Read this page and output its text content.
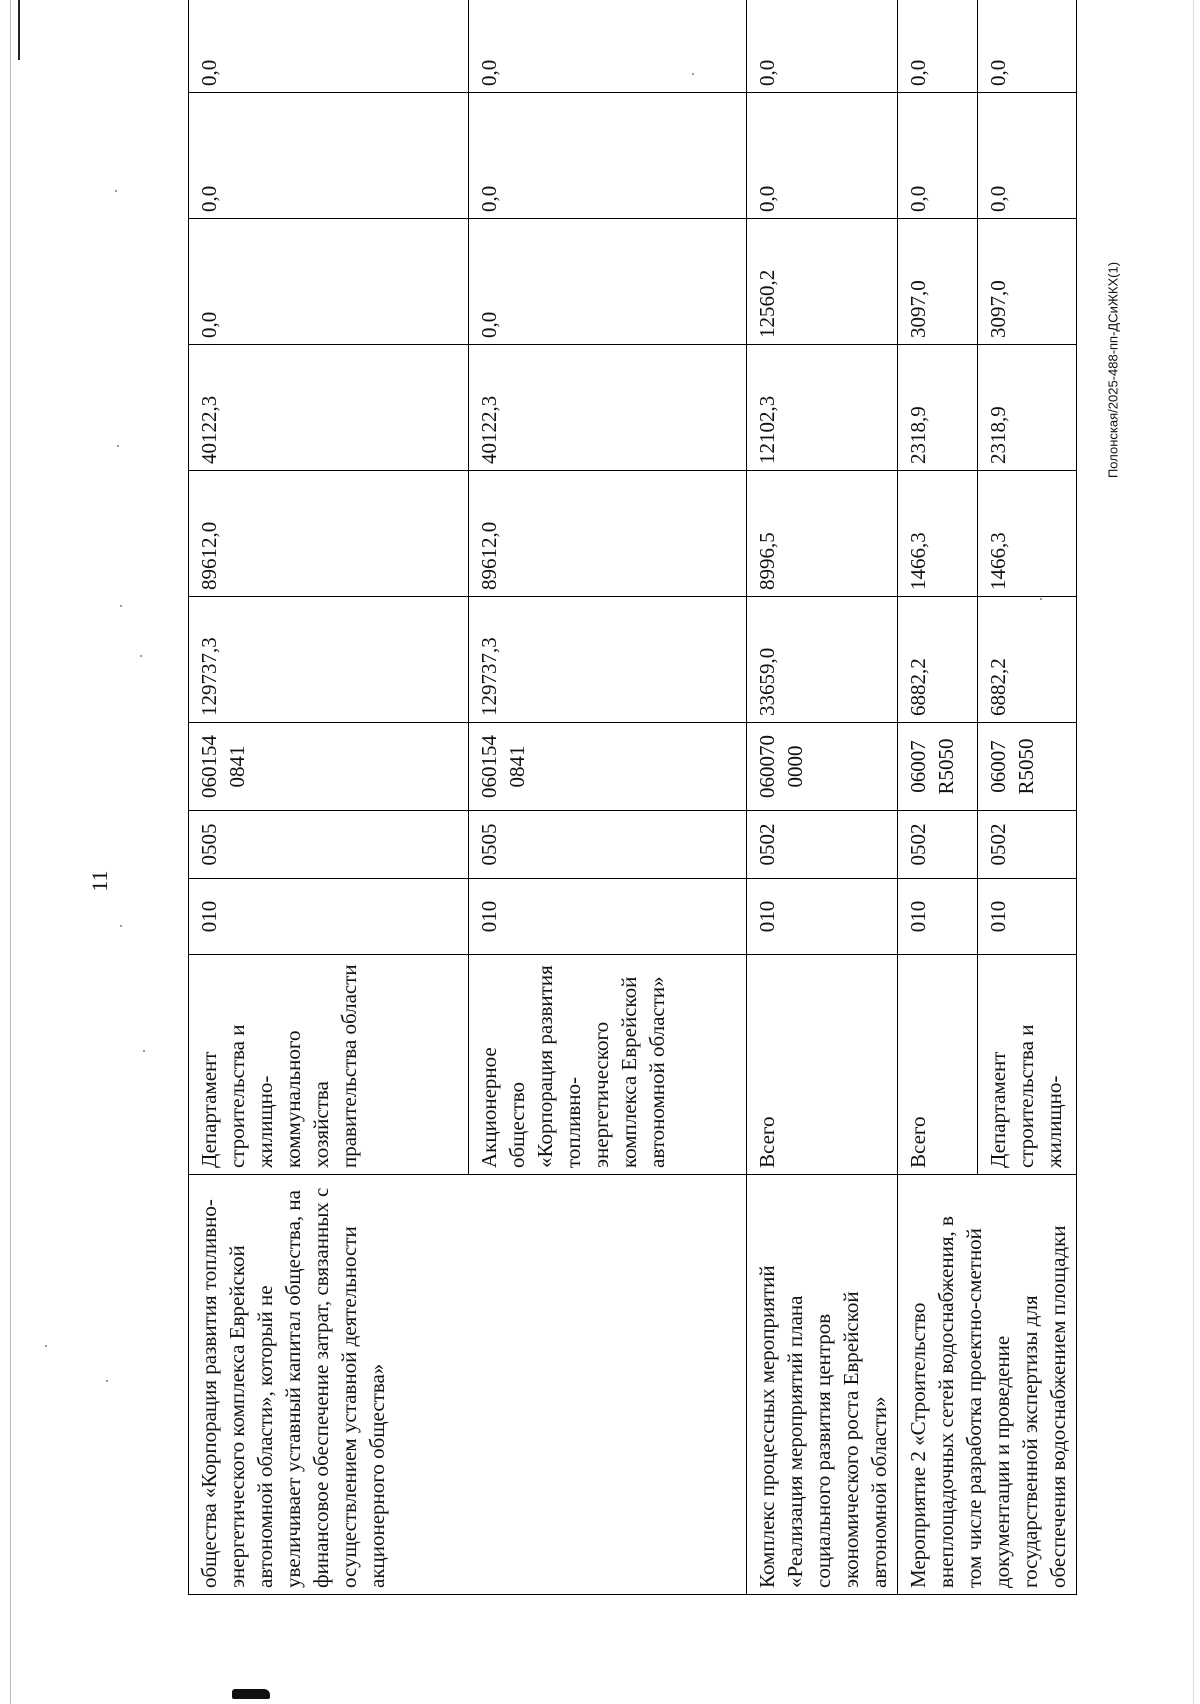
11
Полонская/2025-488-пп-ДСиЖКХ(1)
общества «Корпорация развития топливно-энергетического комплекса Еврейской автономной области», который не увеличивает уставный капитал общества, на финансовое обеспечение затрат, связанных с осуществлением уставной деятельности акционерного общества»	Департамент строительства и жилищно-коммунального хозяйства правительства области	010	0505	060154 0841	129737,3	89612,0	40122,3	0,0	0,0	0,0
	Акционерное общество «Корпорация развития топливно-энергетического комплекса Еврейской автономной области»	010	0505	060154 0841	129737,3	89612,0	40122,3	0,0	0,0	0,0
Комплекс процессных мероприятий «Реализация мероприятий плана социального развития центров экономического роста Еврейской автономной области»	Всего	010	0502	060070 0000	33659,0	8996,5	12102,3	12560,2	0,0	0,0
Мероприятие 2 «Строительство внеплощадочных сетей водоснабжения, в том числе разработка проектно-сметной документации и проведение государственной экспертизы для обеспечения водоснабжением площадки	Всего	010	0502	06007 R5050	6882,2	1466,3	2318,9	3097,0	0,0	0,0
	Департамент строительства и жилищно-	010	0502	06007 R5050	6882,2	1466,3	2318,9	3097,0	0,0	0,0
